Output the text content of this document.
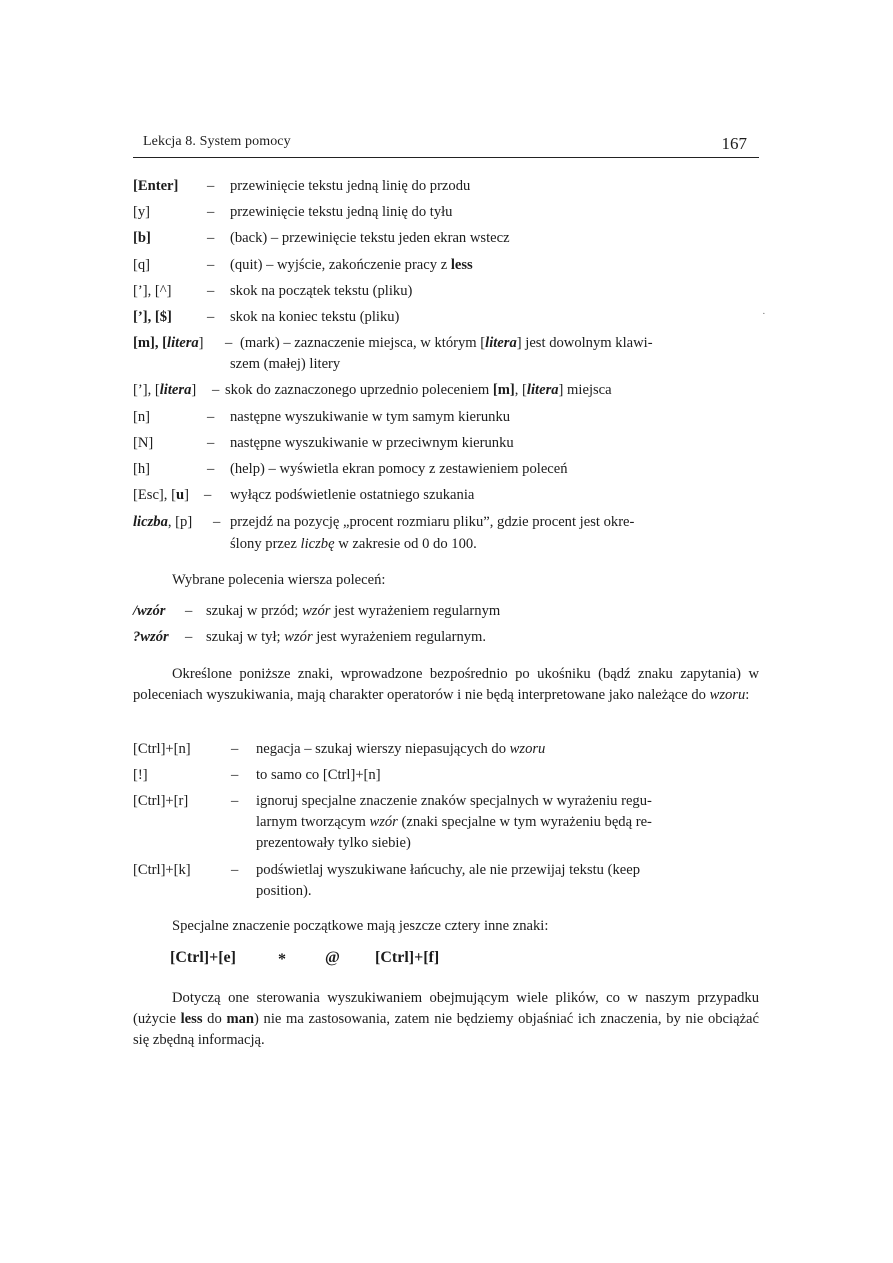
Lekcja 8. System pomocy	167
[Enter] – przewinięcie tekstu jedną linię do przodu
[y]	– przewinięcie tekstu jedną linię do tyłu
[b]	– (back) – przewinięcie tekstu jeden ekran wstecz
[q]	– (quit) – wyjście, zakończenie pracy z less
[’], [^] – skok na początek tekstu (pliku)
[’], [$] – skok na koniec tekstu (pliku)
[m], [litera] – (mark) – zaznaczenie miejsca, w którym [litera] jest dowolnym klawi-
szem (małej) litery
[’], [litera] – skok do zaznaczonego uprzednio poleceniem [m], [litera] miejsca
[n]	– następne wyszukiwanie w tym samym kierunku
[N]	– następne wyszukiwanie w przeciwnym kierunku
[h]	– (help) – wyświetla ekran pomocy z zestawieniem poleceń
[Esc], [u] – wyłącz podświetlenie ostatniego szukania
liczba, [p] – przejdź na pozycję „procent rozmiaru pliku”, gdzie procent jest okre-
ślony przez liczbę w zakresie od 0 do 100.
Wybrane polecenia wiersza poleceń:
/wzór – szukaj w przód; wzór jest wyrażeniem regularnym
?wzór – szukaj w tył; wzór jest wyrażeniem regularnym.
Określone poniższe znaki, wprowadzone bezpośrednio po ukośniku (bądź znaku zapytania) w poleceniach wyszukiwania, mają charakter operatorów i nie będą interpretowane jako należące do wzoru:
[Ctrl]+[n]	– negacja – szukaj wierszy niepasujących do wzoru
[!]	– to samo co [Ctrl]+[n]
[Ctrl]+[r]	– ignoruj specjalne znaczenie znaków specjalnych w wyrażeniu regu-
larnym tworzącym wzór (znaki specjalne w tym wyrażeniu będą re-
prezentowały tylko siebie)
[Ctrl]+[k]	– podświetlaj wyszukiwane łańcuchy, ale nie przewijaj tekstu (keep
position).
Specjalne znaczenie początkowe mają jeszcze cztery inne znaki:
[Ctrl]+[e]	* @ [Ctrl]+[f]
Dotyczą one sterowania wyszukiwaniem obejmującym wiele plików, co w naszym przypadku (użycie less do man) nie ma zastosowania, zatem nie będziemy objaśniać ich znaczenia, by nie obciążać się zbędną informacją.
·
